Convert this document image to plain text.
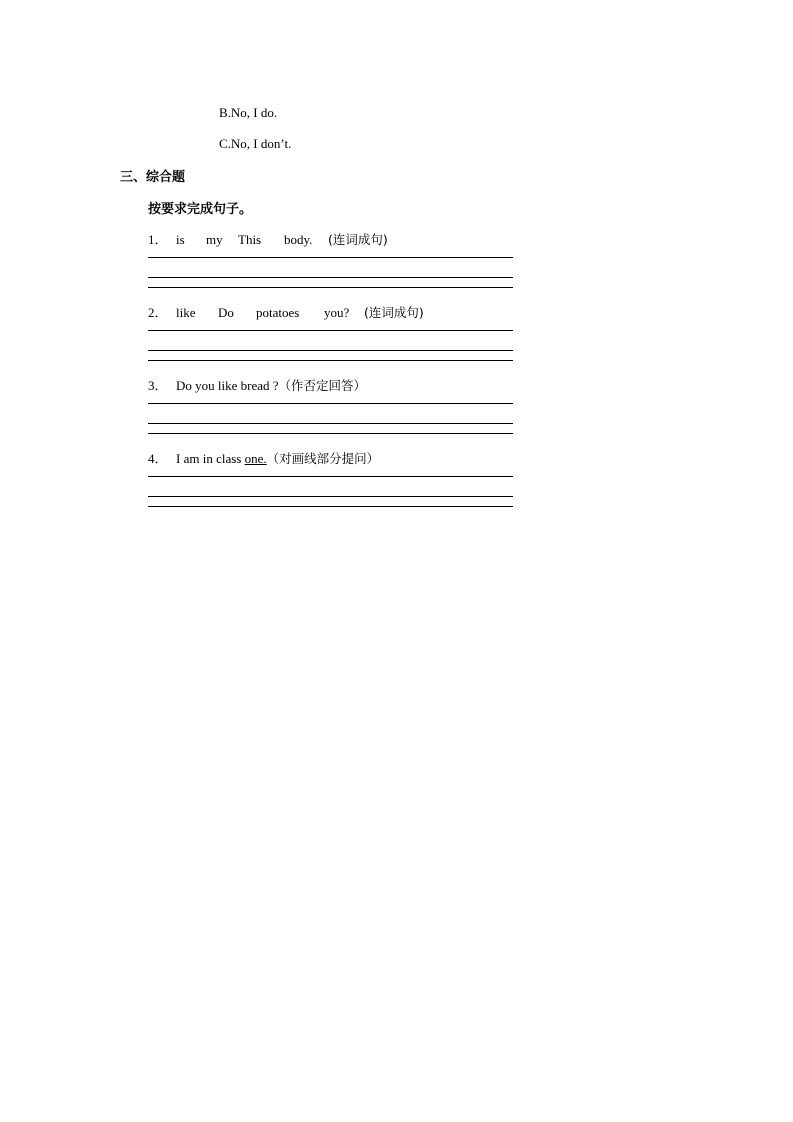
B.No, I do.
C.No, I don’t.
三、综合题
按要求完成句子。
1． is my This body. (连词成句)
2． like Do potatoes you? (连词成句)
3． Do you like bread ?（作否定回答）
4． I am in class one.（对画线部分提问）
